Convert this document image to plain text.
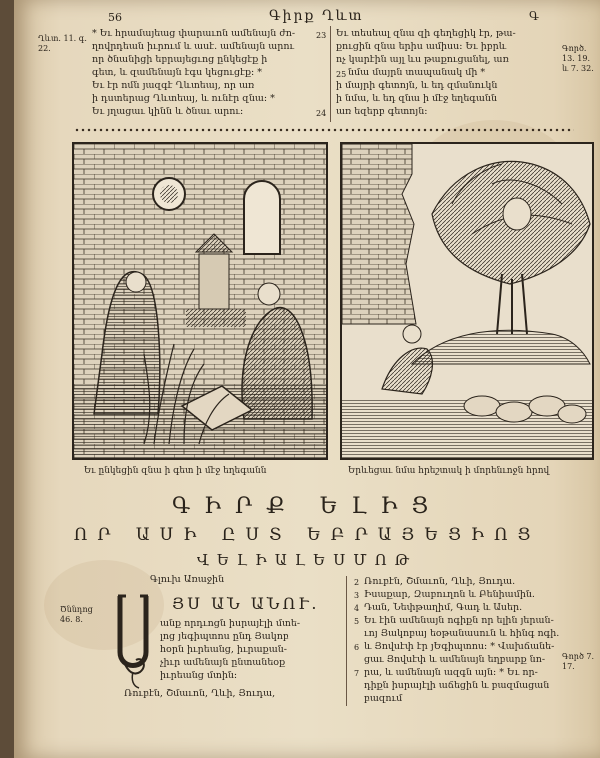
56	Գիրք Ղևտ	Գ
Ղևտ. 11. գ. 22.
* Եւ հրամայեաց փարաւոն ամենայն ժո-
ղովրդեան իւրում և ասէ. ամենայն արու
որ ծնանիցի եբրայեցւոց ընկեցէք ի
գետ, և զամենայն էգս կեցուցէք։ *
Եւ էր ոմն յազգէ Ղևտեայ, որ առ
ի դստերաց Ղևտեայ, և ունէր զնա։ *
Եւ յղացաւ կինն և ծնաւ արու։
23
24
Եւ տեսեալ զնա զի գեղեցիկ էր, թա-
քուցին զնա երիս ամիսս։ Եւ իբրև
ոչ կարէին այլ ևս թաքուցանել, առ
նմա մայրն տապանակ մի *
ի մայրի գետոյն, և եդ զմանուկն
ի նմա, և եդ զնա ի մէջ եղեգանն
առ եզերբ գետոյն։
25
Գործ. 13. 19. և 7. 32.
Եւ ընկեցին զնա ի գետ ի մէջ եղեգանն	Երևեցաւ նմա հրեշտակ ի մորենւոջն հրով
ԳԻՐՔ ԵԼԻՑ
ՈՐ ԱՍԻ ԸՍՏ ԵԲՐԱՅԵՑԻՈՑ
ՎԵԼԻԱԼԵՍՄՈԹ
Գլուխ Առաջին
Ծննդոց 46. 8.
ՅՍ ԱՆ ԱՆՈՒ.
անք որդւոցն իսրայէլի մտե-
լոց յեգիպտոս ընդ Յակոբ
հօրն իւրեանց, իւրաքան-
չիւր ամենայն ընտանեօք
իւրեանց մտին։
Ռուբէն, Շմաւոն, Ղևի, Յուդա,
2
3
4
5
6
7
Ռուբէն, Շմաւոն, Ղևի, Յուդա.
Իսաքար, Զաբուղոն և Բենիամին.
Դան, Նեփթաղիմ, Գադ և Ասեր.
Եւ էին ամենայն ոգիքն որ ելին յերան-
ւոյ Յակոբայ եօթանասուն և հինգ ոգի.
և Յովսէփ էր յԵգիպտոս։ * Վախճանե-
ցաւ Յովսէփ և ամենայն եղբարք նո-
րա, և ամենայն ազգն այն։ * Եւ որ-
դիքն իսրայէլի աճեցին և բազմացան
բազում
Գործ 7. 17.
